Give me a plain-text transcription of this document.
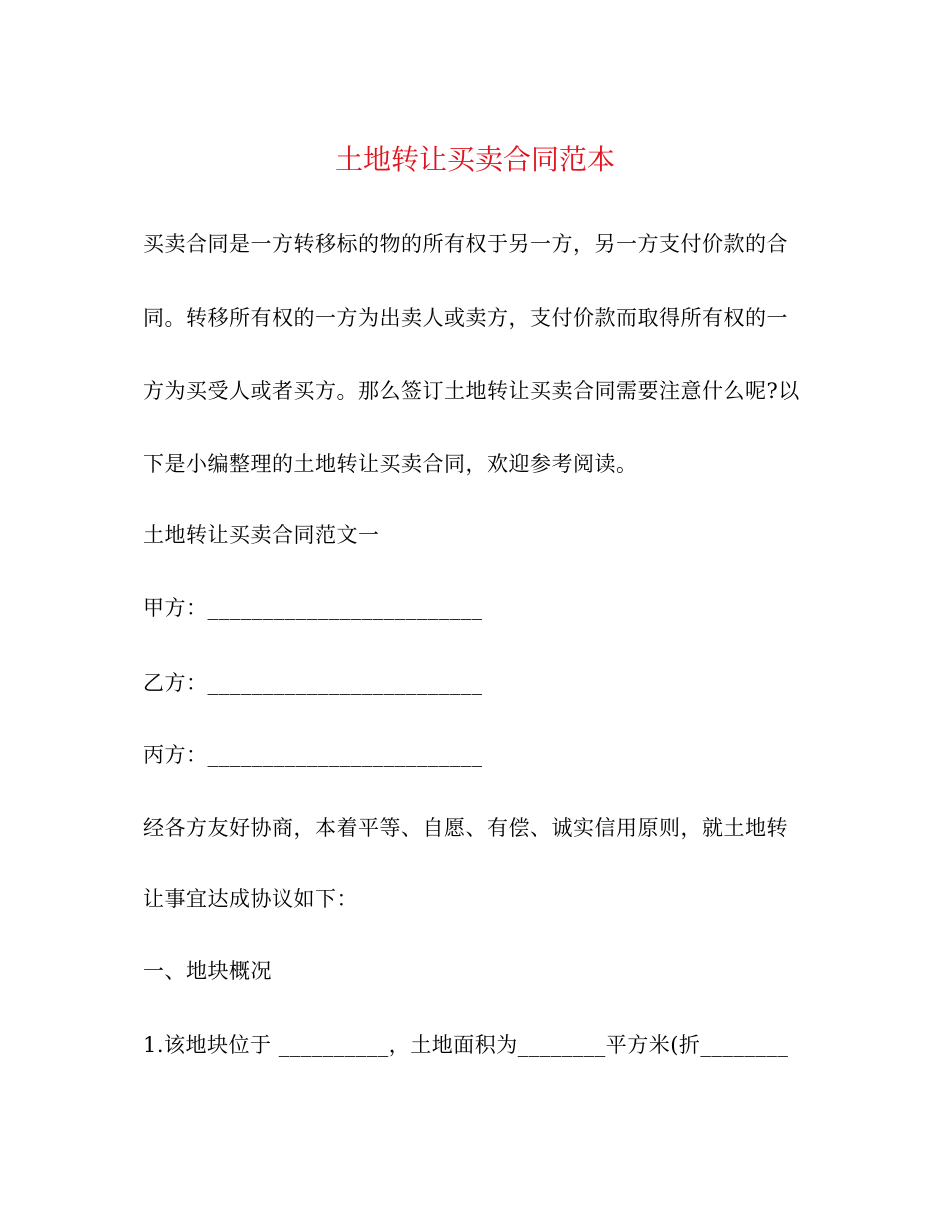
土地转让买卖合同范本
买卖合同是一方转移标的物的所有权于另一方，另一方支付价款的合
同。转移所有权的一方为出卖人或卖方，支付价款而取得所有权的一
方为买受人或者买方。那么签订土地转让买卖合同需要注意什么呢?以
下是小编整理的土地转让买卖合同，欢迎参考阅读。
土地转让买卖合同范文一
甲方：_________________________
乙方：_________________________
丙方：_________________________
经各方友好协商，本着平等、自愿、有偿、诚实信用原则，就土地转
让事宜达成协议如下：
一、地块概况
1.该地块位于 __________，土地面积为________平方米(折________
